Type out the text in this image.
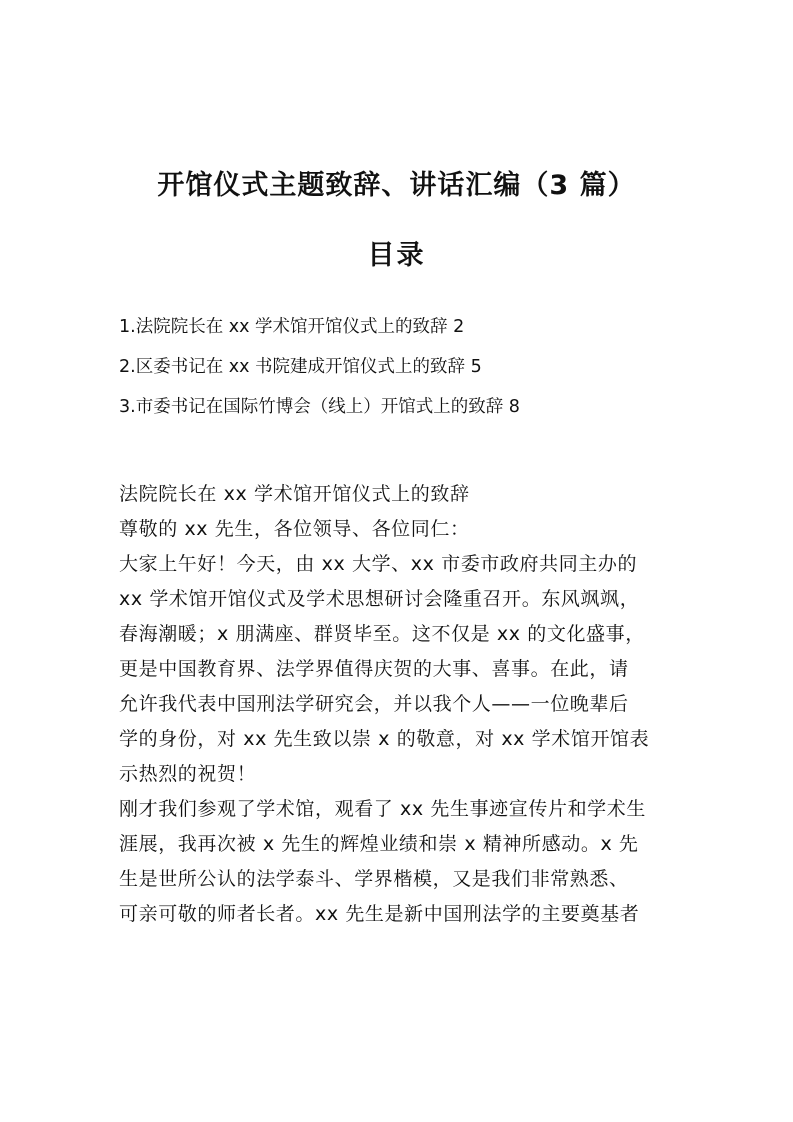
开馆仪式主题致辞、讲话汇编（3 篇）
目录
1.法院院长在 xx 学术馆开馆仪式上的致辞 2
2.区委书记在 xx 书院建成开馆仪式上的致辞 5
3.市委书记在国际竹博会（线上）开馆式上的致辞 8
法院院长在 xx 学术馆开馆仪式上的致辞
尊敬的 xx 先生，各位领导、各位同仁：
大家上午好！今天，由 xx 大学、xx 市委市政府共同主办的
xx 学术馆开馆仪式及学术思想研讨会隆重召开。东风飒飒，
春海潮暖；x 朋满座、群贤毕至。这不仅是 xx 的文化盛事，
更是中国教育界、法学界值得庆贺的大事、喜事。在此，请
允许我代表中国刑法学研究会，并以我个人——一位晚辈后
学的身份，对 xx 先生致以崇 x 的敬意，对 xx 学术馆开馆表
示热烈的祝贺！
刚才我们参观了学术馆，观看了 xx 先生事迹宣传片和学术生
涯展，我再次被 x 先生的辉煌业绩和崇 x 精神所感动。x 先
生是世所公认的法学泰斗、学界楷模，又是我们非常熟悉、
可亲可敬的师者长者。xx 先生是新中国刑法学的主要奠基者
